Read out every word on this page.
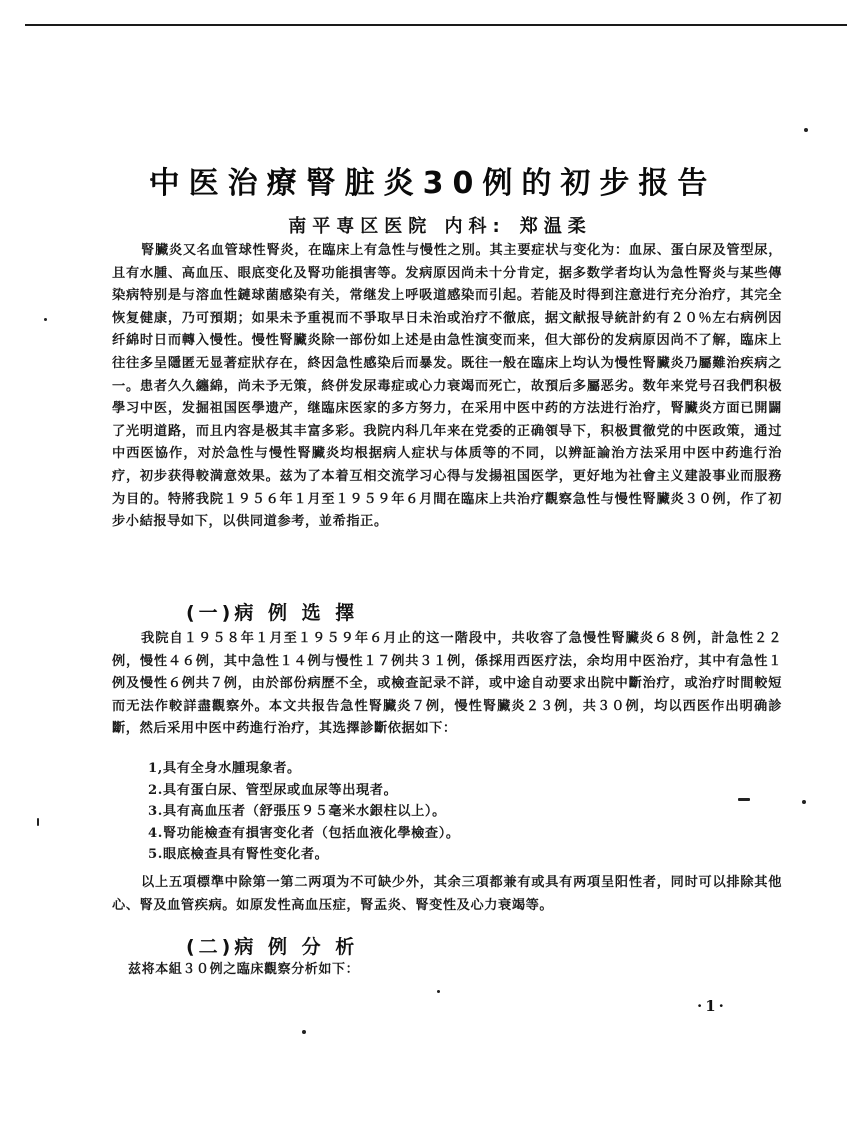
中医治療腎脏炎30例的初步报告
南平専区医院 内科: 郑温柔

腎臟炎又名血管球性腎炎，在臨床上有急性与慢性之別。其主要症状与变化为：血尿、蛋白尿及管型尿，且有水腫、高血压、眼底变化及腎功能損害等。发病原因尚未十分肯定，据多数学者均认为急性腎炎与某些傳染病特别是与溶血性鏈球菌感染有关，常继发上呼吸道感染而引起。若能及时得到注意进行充分治疗，其完全恢复健康，乃可預期；如果未予重視而不爭取早日未治或治疗不徹底，据文献报导統計約有２０％左右病例因纤綿时日而轉入慢性。慢性腎臟炎除一部份如上述是由急性演变而来，但大部份的发病原因尚不了解，臨床上往往多呈隱匿无显著症狀存在，終因急性感染后而暴发。既往一般在臨床上均认为慢性腎臟炎乃屬難治疾病之一。患者久久纏綿，尚未予无策，終併发尿毒症或心力衰竭而死亡，故預后多屬恶劣。数年来党号召我們积极學习中医，发掘祖国医學遗产，继臨床医家的多方努力，在采用中医中药的方法进行治疗，腎臟炎方面已開闢了光明道路，而且内容是极其丰富多彩。我院内科几年来在党委的正确領导下，积极貫徹党的中医政策，通过中西医協作，对於急性与慢性腎臟炎均根据病人症状与体质等的不同，以辨証論治方法采用中医中药進行治疗，初步获得較満意效果。兹为了本着互相交流学习心得与发揚祖国医学，更好地为社會主义建設事业而服務为目的。特將我院１９５６年１月至１９５９年６月間在臨床上共治疗觀察急性与慢性腎臟炎３０例，作了初步小結报导如下，以供同道参考，並希指正。

(一)病 例 选 擇

我院自１９５８年１月至１９５９年６月止的这一階段中，共收容了急慢性腎臟炎６８例，計急性２２例，慢性４６例，其中急性１４例与慢性１７例共３１例，係採用西医疗法，余均用中医治疗，其中有急性１例及慢性６例共７例，由於部份病歷不全，或檢查記录不詳，或中途自动要求出院中斷治疗，或治疗时間較短而无法作較詳盡觀察外。本文共报告急性腎臟炎７例，慢性腎臟炎２３例，共３０例，均以西医作出明确診斷，然后采用中医中药進行治疗，其选擇診斷依据如下：

1,具有全身水腫現象者。
2.具有蛋白尿、管型尿或血尿等出現者。
3.具有高血压者（舒張压９５毫米水銀柱以上）。
4.腎功能檢查有損害变化者（包括血液化學檢查）。
5.眼底檢查具有腎性变化者。

以上五項標準中除第一第二两項为不可缺少外，其余三項都兼有或具有两項呈阳性者，同时可以排除其他心、腎及血管疾病。如原发性高血压症，腎盂炎、腎变性及心力衰竭等。

(二)病 例 分 析
兹将本組３０例之臨床觀察分析如下：
·1·
